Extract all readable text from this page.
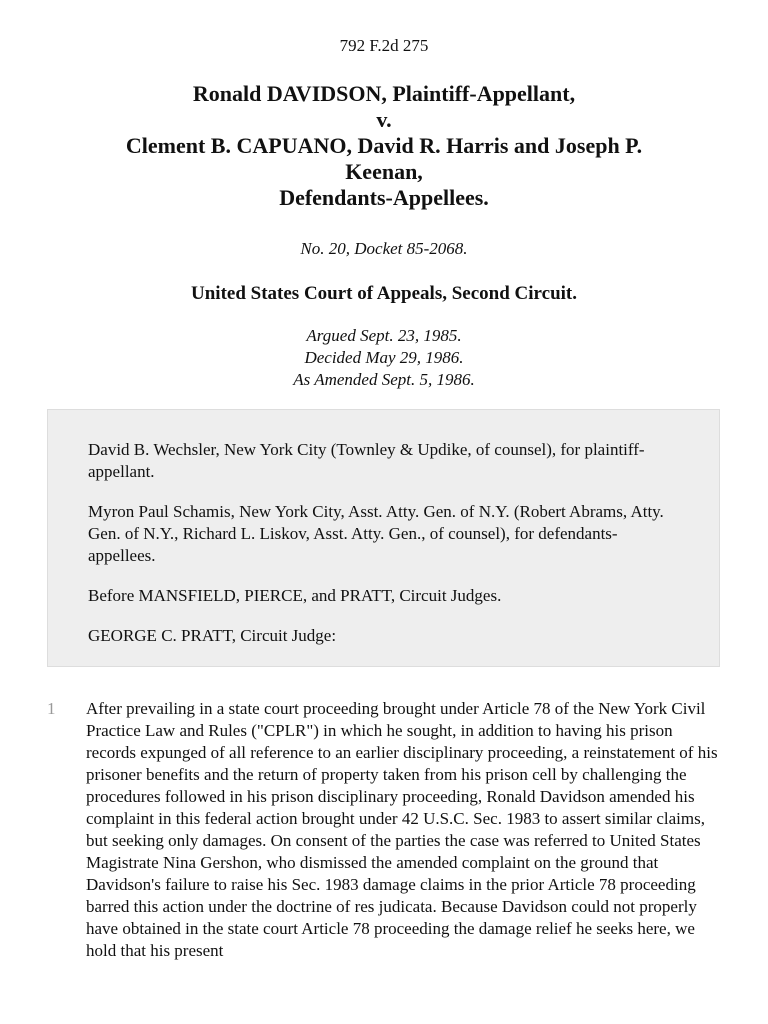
792 F.2d 275
Ronald DAVIDSON, Plaintiff-Appellant,
v.
Clement B. CAPUANO, David R. Harris and Joseph P.
Keenan,
Defendants-Appellees.
No. 20, Docket 85-2068.
United States Court of Appeals, Second Circuit.
Argued Sept. 23, 1985.
Decided May 29, 1986.
As Amended Sept. 5, 1986.

David B. Wechsler, New York City (Townley & Updike, of counsel), for plaintiff-appellant.

Myron Paul Schamis, New York City, Asst. Atty. Gen. of N.Y. (Robert Abrams, Atty. Gen. of N.Y., Richard L. Liskov, Asst. Atty. Gen., of counsel), for defendants-appellees.

Before MANSFIELD, PIERCE, and PRATT, Circuit Judges.

GEORGE C. PRATT, Circuit Judge:

1 After prevailing in a state court proceeding brought under Article 78 of the New York Civil Practice Law and Rules ("CPLR") in which he sought, in addition to having his prison records expunged of all reference to an earlier disciplinary proceeding, a reinstatement of his prisoner benefits and the return of property taken from his prison cell by challenging the procedures followed in his prison disciplinary proceeding, Ronald Davidson amended his complaint in this federal action brought under 42 U.S.C. Sec. 1983 to assert similar claims, but seeking only damages. On consent of the parties the case was referred to United States Magistrate Nina Gershon, who dismissed the amended complaint on the ground that Davidson's failure to raise his Sec. 1983 damage claims in the prior Article 78 proceeding barred this action under the doctrine of res judicata. Because Davidson could not properly have obtained in the state court Article 78 proceeding the damage relief he seeks here, we hold that his present
